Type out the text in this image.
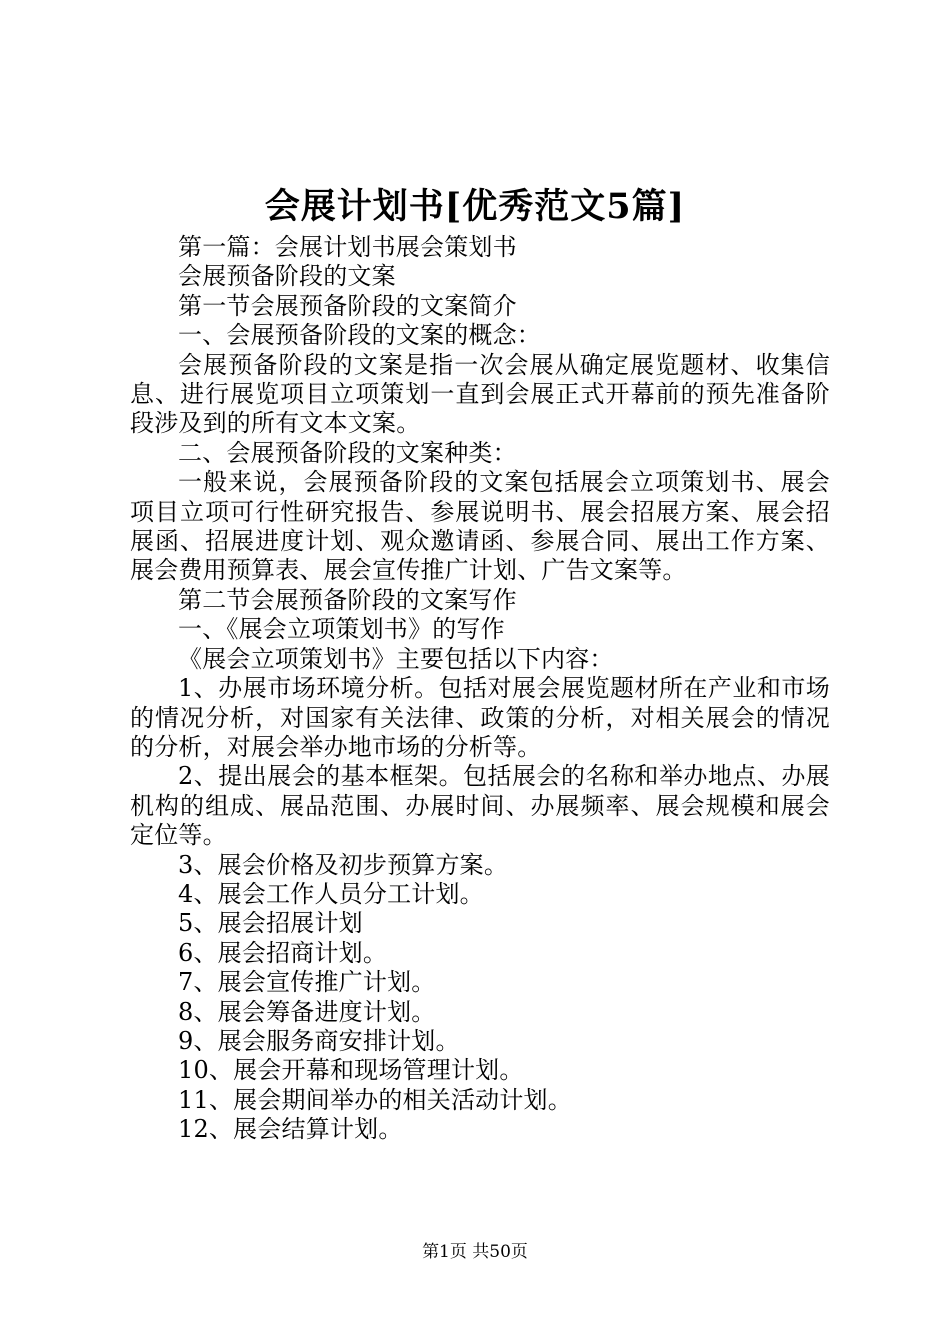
会展计划书[优秀范文5篇]

第一篇：会展计划书展会策划书

会展预备阶段的文案

第一节会展预备阶段的文案简介

一、会展预备阶段的文案的概念：

会展预备阶段的文案是指一次会展从确定展览题材、收集信息、进行展览项目立项策划一直到会展正式开幕前的预先准备阶段涉及到的所有文本文案。

二、会展预备阶段的文案种类：

一般来说，会展预备阶段的文案包括展会立项策划书、展会项目立项可行性研究报告、参展说明书、展会招展方案、展会招展函、招展进度计划、观众邀请函、参展合同、展出工作方案、展会费用预算表、展会宣传推广计划、广告文案等。

第二节会展预备阶段的文案写作

一、《展会立项策划书》的写作

《展会立项策划书》主要包括以下内容：

1、办展市场环境分析。包括对展会展览题材所在产业和市场的情况分析，对国家有关法律、政策的分析，对相关展会的情况的分析，对展会举办地市场的分析等。

2、提出展会的基本框架。包括展会的名称和举办地点、办展机构的组成、展品范围、办展时间、办展频率、展会规模和展会定位等。

3、展会价格及初步预算方案。

4、展会工作人员分工计划。

5、展会招展计划

6、展会招商计划。

7、展会宣传推广计划。

8、展会筹备进度计划。

9、展会服务商安排计划。

10、展会开幕和现场管理计划。

11、展会期间举办的相关活动计划。

12、展会结算计划。

第1页 共50页
